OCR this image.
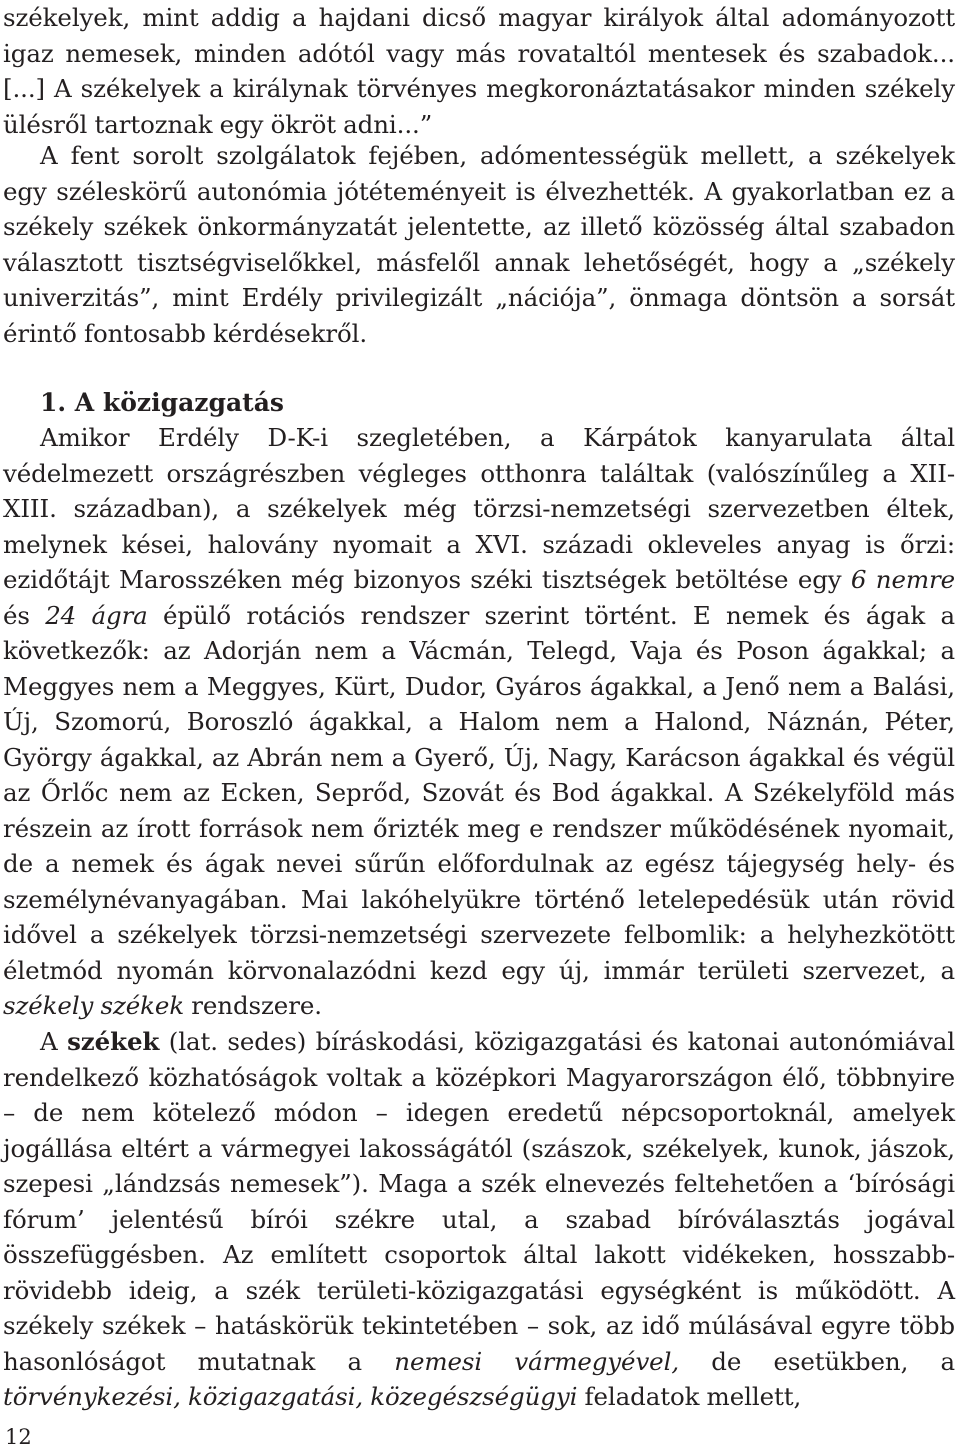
székelyek, mint addig a hajdani dicső magyar királyok által adományozott igaz nemesek, minden adótól vagy más rovataltól mentesek és szabadok...[...] A székelyek a királynak törvényes megkoronáztatásakor minden székely ülésről tartoznak egy ökröt adni...”
A fent sorolt szolgálatok fejében, adómentességük mellett, a székelyek egy széleskörű autonómia jótéteményeit is élvezhették. A gyakorlatban ez a székely székek önkormányzatát jelentette, az illető közösség által szabadon választott tisztségviselőkkel, másfelől annak lehetőségét, hogy a „székely univerzitás”, mint Erdély privilegizált „nációja”, önmaga döntsön a sorsát érintő fontosabb kérdésekről.
1. A közigazgatás
Amikor Erdély D-K-i szegletében, a Kárpátok kanyarulata által védelmezett országrészben végleges otthonra találtak (valószínűleg a XII-XIII. században), a székelyek még törzsi-nemzetségi szervezetben éltek, melynek kései, halovány nyomait a XVI. századi okleveles anyag is őrzi: ezidőtájt Marosszéken még bizonyos széki tisztségek betöltése egy 6 nemre és 24 ágra épülő rotációs rendszer szerint történt. E nemek és ágak a következők: az Adorján nem a Vácmán, Telegd, Vaja és Poson ágakkal; a Meggyes nem a Meggyes, Kürt, Dudor, Gyáros ágakkal, a Jenő nem a Balási, Új, Szomorú, Boroszló ágakkal, a Halom nem a Halond, Náznán, Péter, György ágakkal, az Abrán nem a Gyerő, Új, Nagy, Karácson ágakkal és végül az Őrlőc nem az Ecken, Seprőd, Szovát és Bod ágakkal. A Székelyföld más részein az írott források nem őrizték meg e rendszer működésének nyomait, de a nemek és ágak nevei sűrűn előfordulnak az egész tájegység hely- és személynévanyagában. Mai lakóhelyükre történő letelepedésük után rövid idővel a székelyek törzsi-nemzetségi szervezete felbomlik: a helyhezkötött életmód nyomán körvonalazódni kezd egy új, immár területi szervezet, a székely székek rendszere.
A székek (lat. sedes) bíráskodási, közigazgatási és katonai autonómiával rendelkező közhatóságok voltak a középkori Magyarországon élő, többnyire – de nem kötelező módon – idegen eredetű népcsoportoknál, amelyek jogállása eltért a vármegyei lakosságától (szászok, székelyek, kunok, jászok, szepesi „lándzsás nemesek”). Maga a szék elnevezés feltehetően a ‘bírósági fórum’ jelentésű bírói székre utal, a szabad bíróválasztás jogával összefüggésben. Az említett csoportok által lakott vidékeken, hosszabb-rövidebb ideig, a szék területi-közigazgatási egységként is működött. A székely székek – hatáskörük tekintetében – sok, az idő múlásával egyre több hasonlóságot mutatnak a nemesi vármegyével, de esetükben, a törvénykezési, közigazgatási, közegészségügyi feladatok mellett,
12
